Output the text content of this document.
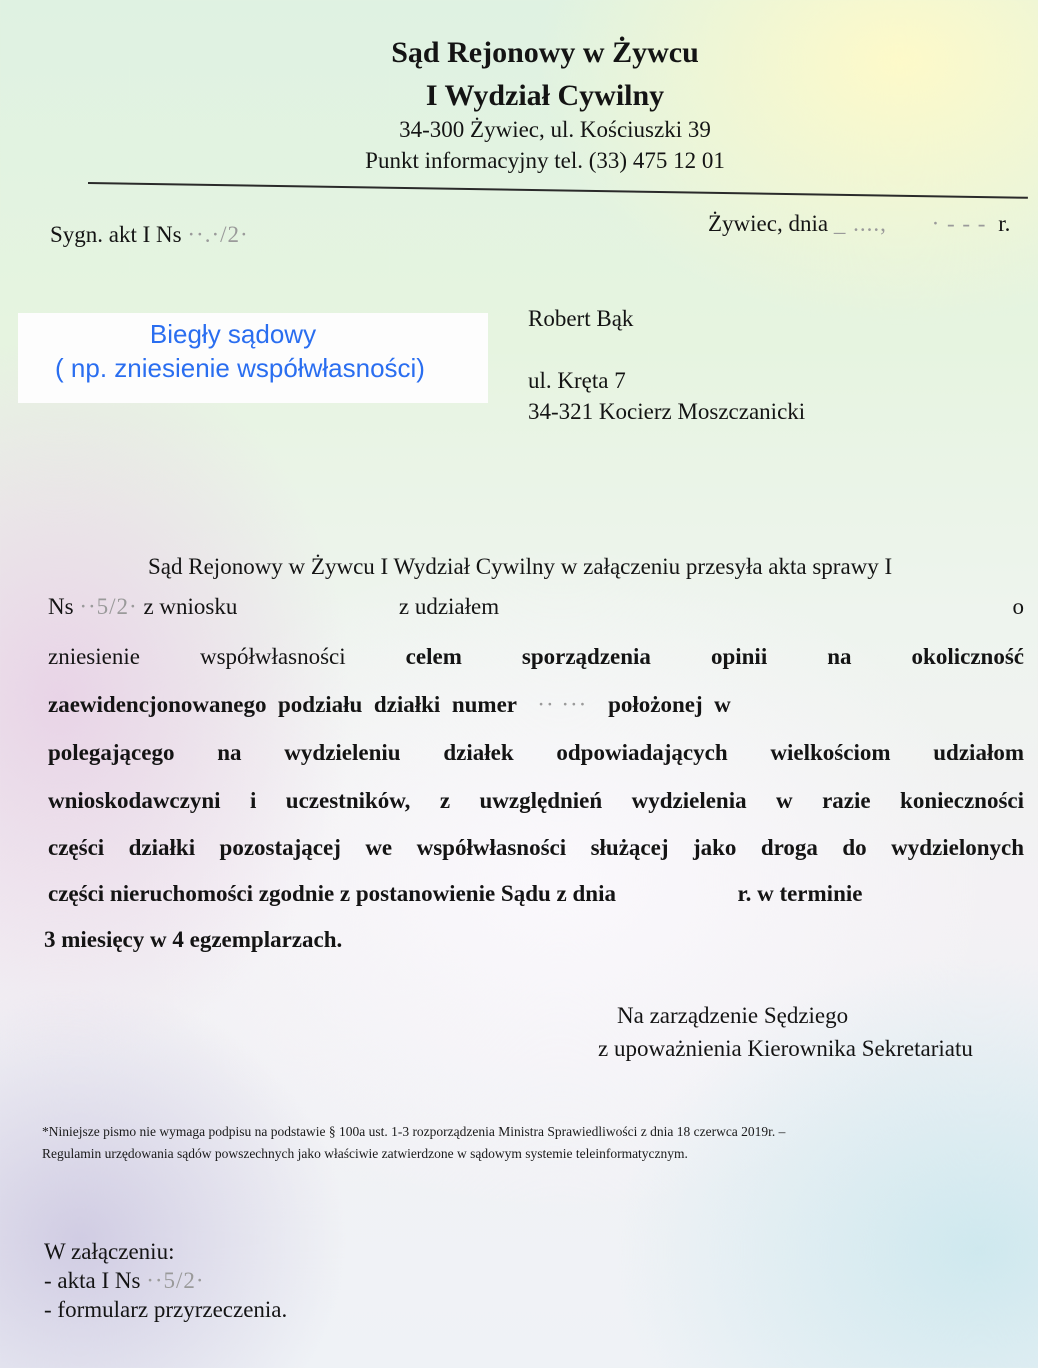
Sąd Rejonowy w Żywcu
I Wydział Cywilny
34-300 Żywiec, ul. Kościuszki 39
Punkt informacyjny tel. (33) 475 12 01
Sygn. akt I Ns ··.·/2·	Żywiec, dnia _ ...., · - - - r.
Biegły sądowy
( np. zniesienie współwłasności)
Robert Bąk
ul. Kręta 7
34-321 Kocierz Moszczanicki
Sąd Rejonowy w Żywcu I Wydział Cywilny w załączeniu przesyła akta sprawy I
Ns ··5/2· z wniosku	z udziałem	o
zniesienie	współwłasności	celem	sporządzenia	opinii	na	okoliczność
zaewidencjonowanego podziału działki numer ·· ··· położonej w
polegającego na wydzieleniu działek odpowiadających wielkościom udziałom
wnioskodawczyni i uczestników, z uwzględnień wydzielenia w razie konieczności
części działki pozostającej we współwłasności służącej jako droga do wydzielonych
części nieruchomości zgodnie z postanowienie Sądu z dnia	r. w terminie
3 miesięcy w 4 egzemplarzach.
Na zarządzenie Sędziego
z upoważnienia Kierownika Sekretariatu
*Niniejsze pismo nie wymaga podpisu na podstawie § 100a ust. 1-3 rozporządzenia Ministra Sprawiedliwości z dnia 18 czerwca 2019r. –
Regulamin urzędowania sądów powszechnych jako właściwie zatwierdzone w sądowym systemie teleinformatycznym.
W załączeniu:
- akta I Ns ··5/2·
- formularz przyrzeczenia.
